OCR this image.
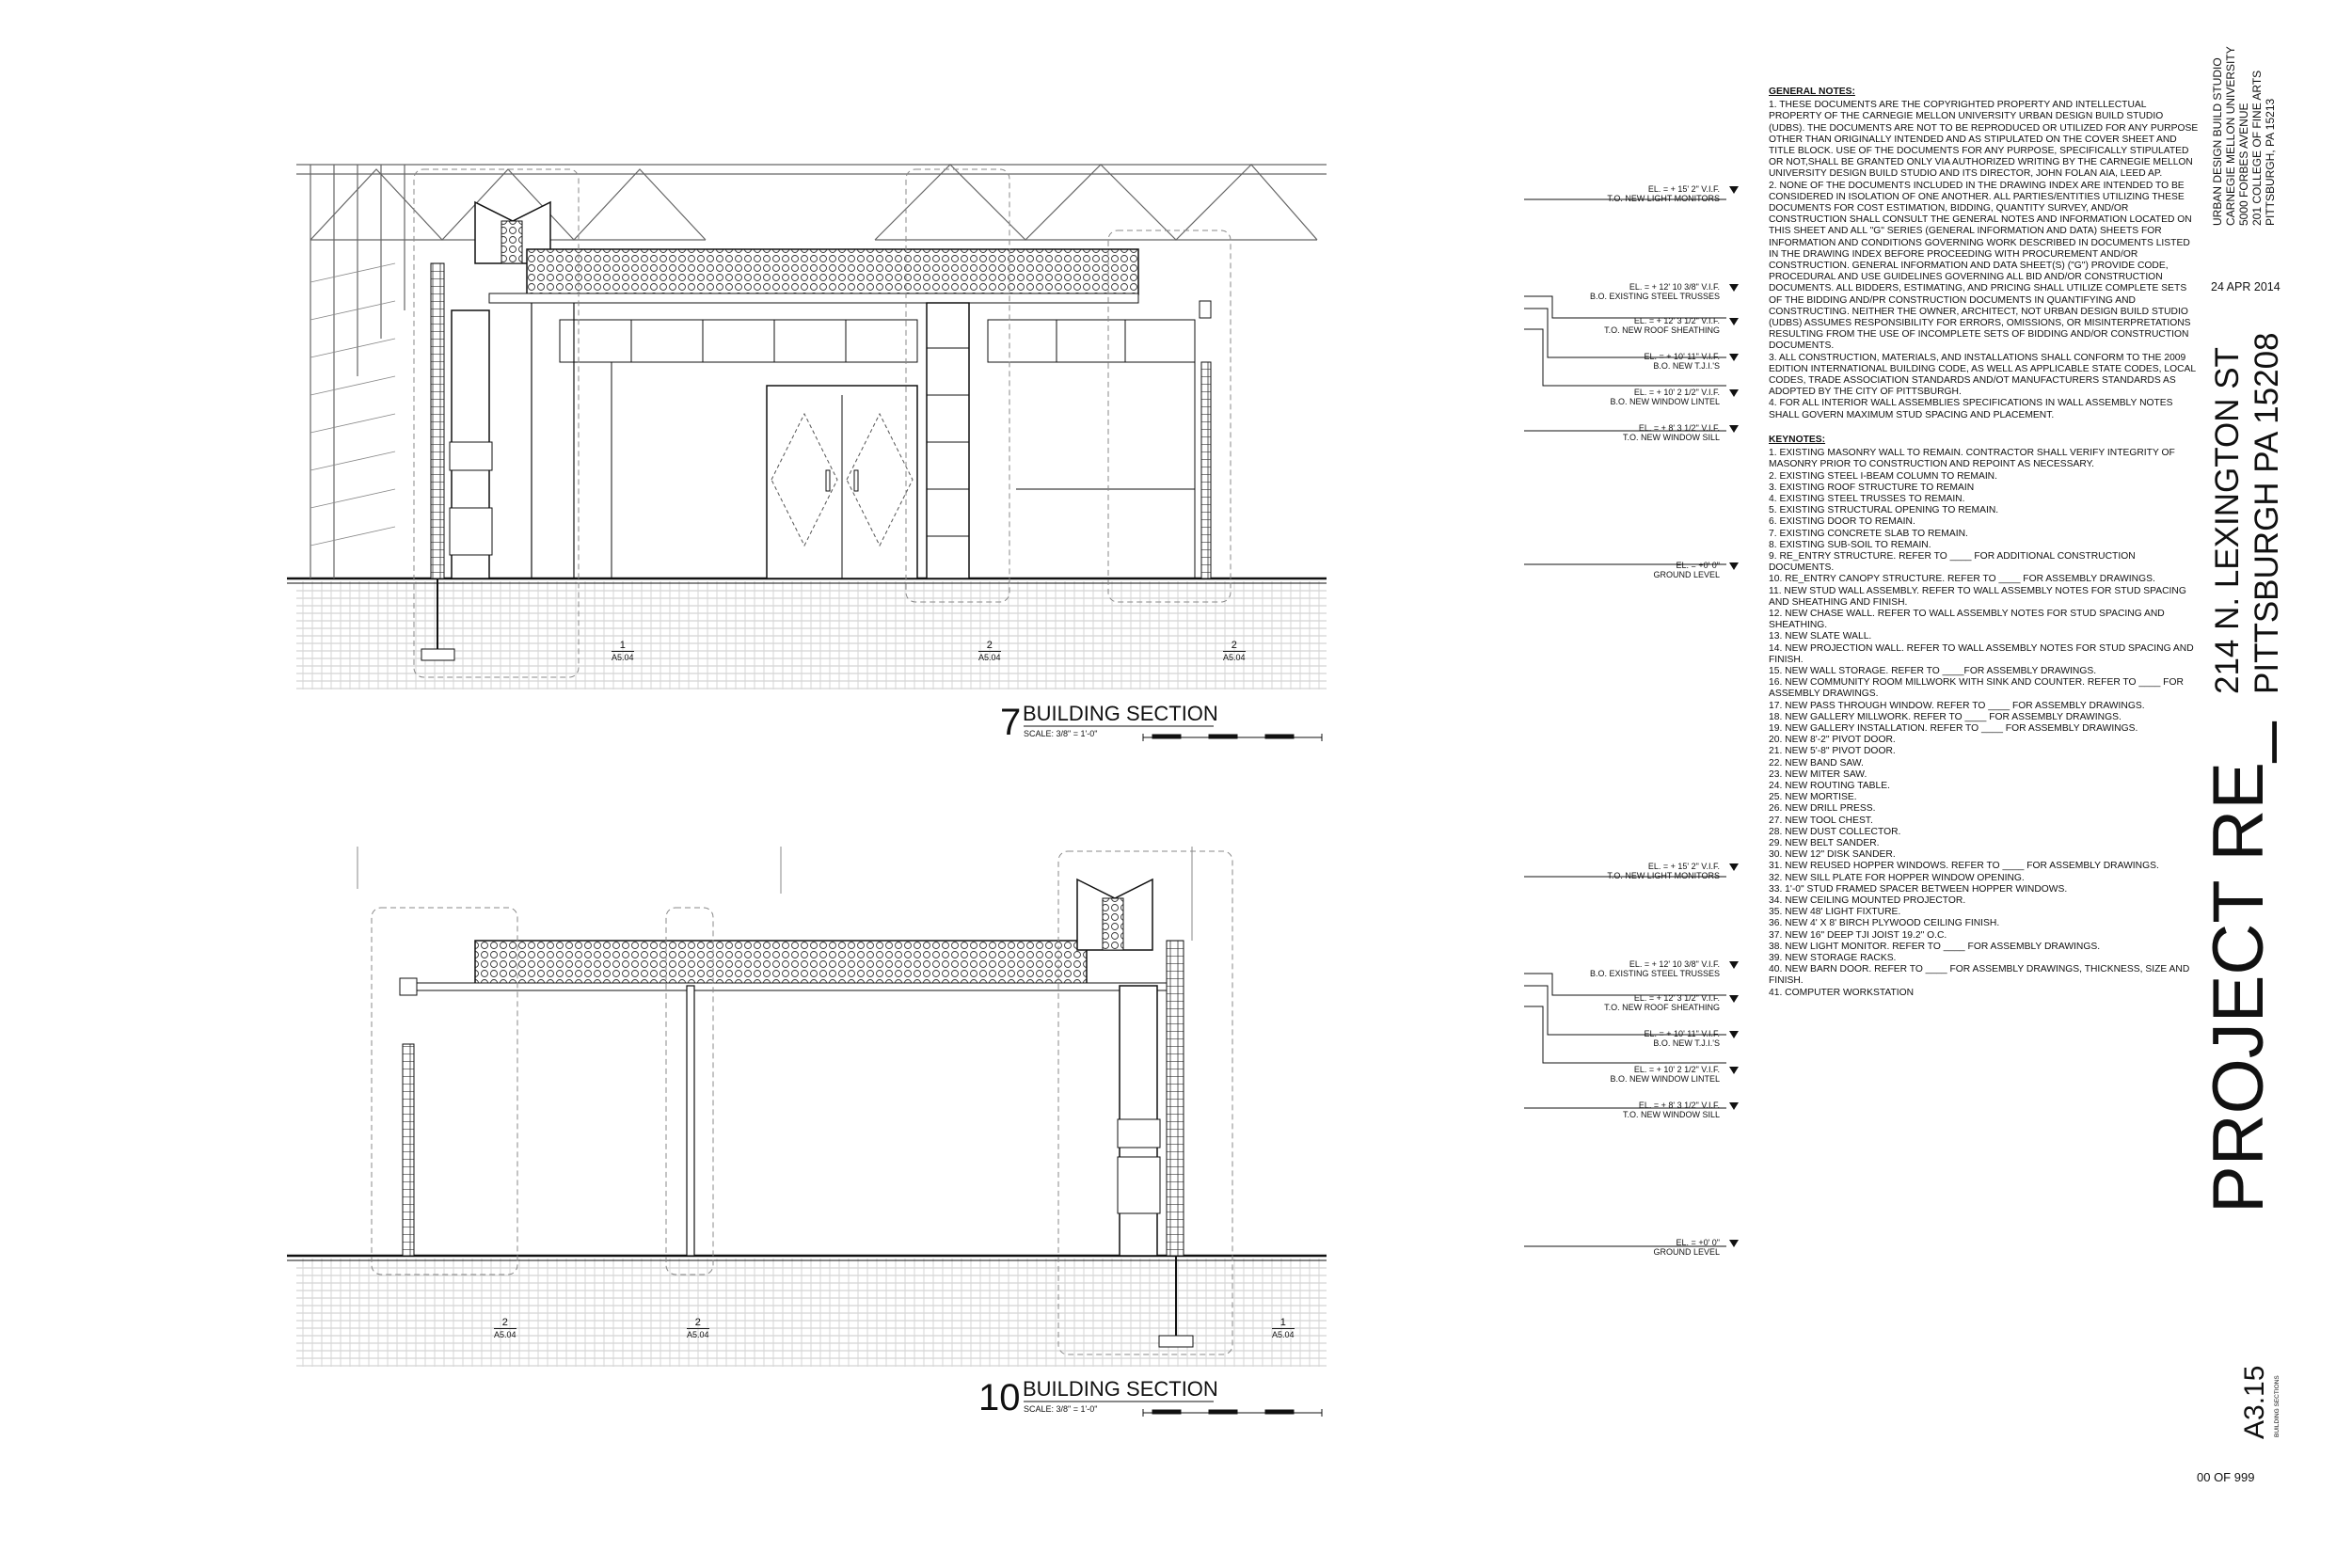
EL. = + 15' 2" V.I.F.
T.O. NEW LIGHT MONITORS
EL. = + 12' 10 3/8" V.I.F.
B.O. EXISTING STEEL TRUSSES
EL. = + 12' 3 1/2" V.I.F.
T.O. NEW ROOF SHEATHING
EL. = + 10' 11" V.I.F.
B.O. NEW T.J.I.'S
EL. = + 10' 2 1/2" V.I.F.
B.O. NEW WINDOW LINTEL
EL. = + 8' 3 1/2" V.I.F.
T.O. NEW WINDOW SILL
EL. = +0' 0"
GROUND LEVEL
1
A5.04
2
A5.04
2
A5.04
7 BUILDING SECTION
SCALE: 3/8" = 1'-0"
EL. = + 15' 2" V.I.F.
T.O. NEW LIGHT MONITORS
EL. = + 12' 10 3/8" V.I.F.
B.O. EXISTING STEEL TRUSSES
EL. = + 12' 3 1/2" V.I.F.
T.O. NEW ROOF SHEATHING
EL. = + 10' 11" V.I.F.
B.O. NEW T.J.I.'S
EL. = + 10' 2 1/2" V.I.F.
B.O. NEW WINDOW LINTEL
EL. = + 8' 3 1/2" V.I.F.
T.O. NEW WINDOW SILL
EL. = +0' 0"
GROUND LEVEL
2
A5.04
2
A5.04
1
A5.04
10 BUILDING SECTION
SCALE: 3/8" = 1'-0"
GENERAL NOTES:

1. THESE DOCUMENTS ARE THE COPYRIGHTED PROPERTY AND INTELLECTUAL PROPERTY OF THE CARNEGIE MELLON UNIVERSITY URBAN DESIGN BUILD STUDIO (UDBS). THE DOCUMENTS ARE NOT TO BE REPRODUCED OR UTILIZED FOR ANY PURPOSE OTHER THAN ORIGINALLY INTENDED AND AS STIPULATED ON THE COVER SHEET AND TITLE BLOCK. USE OF THE DOCUMENTS FOR ANY PURPOSE, SPECIFICALLY STIPULATED OR NOT,SHALL BE GRANTED ONLY VIA AUTHORIZED WRITING BY THE CARNEGIE MELLON UNIVERSITY DESIGN BUILD STUDIO AND ITS DIRECTOR, JOHN FOLAN AIA, LEED AP.

2. NONE OF THE DOCUMENTS INCLUDED IN THE DRAWING INDEX ARE INTENDED TO BE CONSIDERED IN ISOLATION OF ONE ANOTHER. ALL PARTIES/ENTITIES UTILIZING THESE DOCUMENTS FOR COST ESTIMATION, BIDDING, QUANTITY SURVEY, AND/OR CONSTRUCTION SHALL CONSULT THE GENERAL NOTES AND INFORMATION LOCATED ON THIS SHEET AND ALL "G" SERIES (GENERAL INFORMATION AND DATA) SHEETS FOR INFORMATION AND CONDITIONS GOVERNING WORK DESCRIBED IN DOCUMENTS LISTED IN THE DRAWING INDEX BEFORE PROCEEDING WITH PROCUREMENT AND/OR CONSTRUCTION. GENERAL INFORMATION AND DATA SHEET(S) ("G") PROVIDE CODE, PROCEDURAL AND USE GUIDELINES GOVERNING ALL BID AND/OR CONSTRUCTION DOCUMENTS. ALL BIDDERS, ESTIMATING, AND PRICING SHALL UTILIZE COMPLETE SETS OF THE BIDDING AND/PR CONSTRUCTION DOCUMENTS IN QUANTIFYING AND CONSTRUCTING. NEITHER THE OWNER, ARCHITECT, NOT URBAN DESIGN BUILD STUDIO (UDBS) ASSUMES RESPONSIBILITY FOR ERRORS, OMISSIONS, OR MISINTERPRETATIONS RESULTING FROM THE USE OF INCOMPLETE SETS OF BIDDING AND/OR CONSTRUCTION DOCUMENTS.

3. ALL CONSTRUCTION, MATERIALS, AND INSTALLATIONS SHALL CONFORM TO THE 2009 EDITION INTERNATIONAL BUILDING CODE, AS WELL AS APPLICABLE STATE CODES, LOCAL CODES, TRADE ASSOCIATION STANDARDS AND/OT MANUFACTURERS STANDARDS AS ADOPTED BY THE CITY OF PITTSBURGH.

4. FOR ALL INTERIOR WALL ASSEMBLIES SPECIFICATIONS IN WALL ASSEMBLY NOTES SHALL GOVERN MAXIMUM STUD SPACING AND PLACEMENT.

KEYNOTES:
1. EXISTING MASONRY WALL TO REMAIN. CONTRACTOR SHALL VERIFY INTEGRITY OF MASONRY PRIOR TO CONSTRUCTION AND REPOINT AS NECESSARY.
2. EXISTING STEEL I-BEAM COLUMN TO REMAIN.
3. EXISTING ROOF STRUCTURE TO REMAIN
4. EXISTING STEEL TRUSSES TO REMAIN.
5. EXISTING STRUCTURAL OPENING TO REMAIN.
6. EXISTING DOOR TO REMAIN.
7. EXISTING CONCRETE SLAB TO REMAIN.
8. EXISTING SUB-SOIL TO REMAIN.
9. RE_ENTRY STRUCTURE. REFER TO ____ FOR ADDITIONAL CONSTRUCTION DOCUMENTS.
10. RE_ENTRY CANOPY STRUCTURE. REFER TO ____ FOR ASSEMBLY DRAWINGS.
11. NEW STUD WALL ASSEMBLY. REFER TO WALL ASSEMBLY NOTES FOR STUD SPACING AND SHEATHING AND FINISH.
12. NEW CHASE WALL. REFER TO WALL ASSEMBLY NOTES FOR STUD SPACING AND SHEATHING.
13. NEW SLATE WALL.
14. NEW PROJECTION WALL. REFER TO WALL ASSEMBLY NOTES FOR STUD SPACING AND FINISH.
15. NEW WALL STORAGE. REFER TO ____FOR ASSEMBLY DRAWINGS.
16. NEW COMMUNITY ROOM MILLWORK WITH SINK AND COUNTER. REFER TO ____ FOR ASSEMBLY DRAWINGS.
17. NEW PASS THROUGH WINDOW. REFER TO ____ FOR ASSEMBLY DRAWINGS.
18. NEW GALLERY MILLWORK. REFER TO ____ FOR ASSEMBLY DRAWINGS.
19. NEW GALLERY INSTALLATION. REFER TO ____ FOR ASSEMBLY DRAWINGS.
20. NEW 8'-2" PIVOT DOOR.
21. NEW 5'-8" PIVOT DOOR.
22. NEW BAND SAW.
23. NEW MITER SAW.
24. NEW ROUTING TABLE.
25. NEW MORTISE.
26. NEW DRILL PRESS.
27. NEW TOOL CHEST.
28. NEW DUST COLLECTOR.
29. NEW BELT SANDER.
30. NEW 12" DISK SANDER.
31. NEW REUSED HOPPER WINDOWS. REFER TO ____ FOR ASSEMBLY DRAWINGS.
32. NEW SILL PLATE FOR HOPPER WINDOW OPENING.
33. 1'-0" STUD FRAMED SPACER BETWEEN HOPPER WINDOWS.
34. NEW CEILING MOUNTED PROJECTOR.
35. NEW 48' LIGHT FIXTURE.
36. NEW 4' X 8' BIRCH PLYWOOD CEILING FINISH.
37. NEW 16" DEEP TJI JOIST 19.2" O.C.
38. NEW LIGHT MONITOR. REFER TO ____ FOR ASSEMBLY DRAWINGS.
39. NEW STORAGE RACKS.
40. NEW BARN DOOR. REFER TO ____ FOR ASSEMBLY DRAWINGS, THICKNESS, SIZE AND FINISH.
41. COMPUTER WORKSTATION
URBAN DESIGN BUILD STUDIO CARNEGIE MELLON UNIVERSITY 5000 FORBES AVENUE 201 COLLEGE OF FINE ARTS PITTSBURGH, PA 15213
24 APR 2014
214 N. LEXINGTON ST PITTSBURGH PA 15208
PROJECT RE_
A3.15 BUILDING SECTIONS
00 OF 999
